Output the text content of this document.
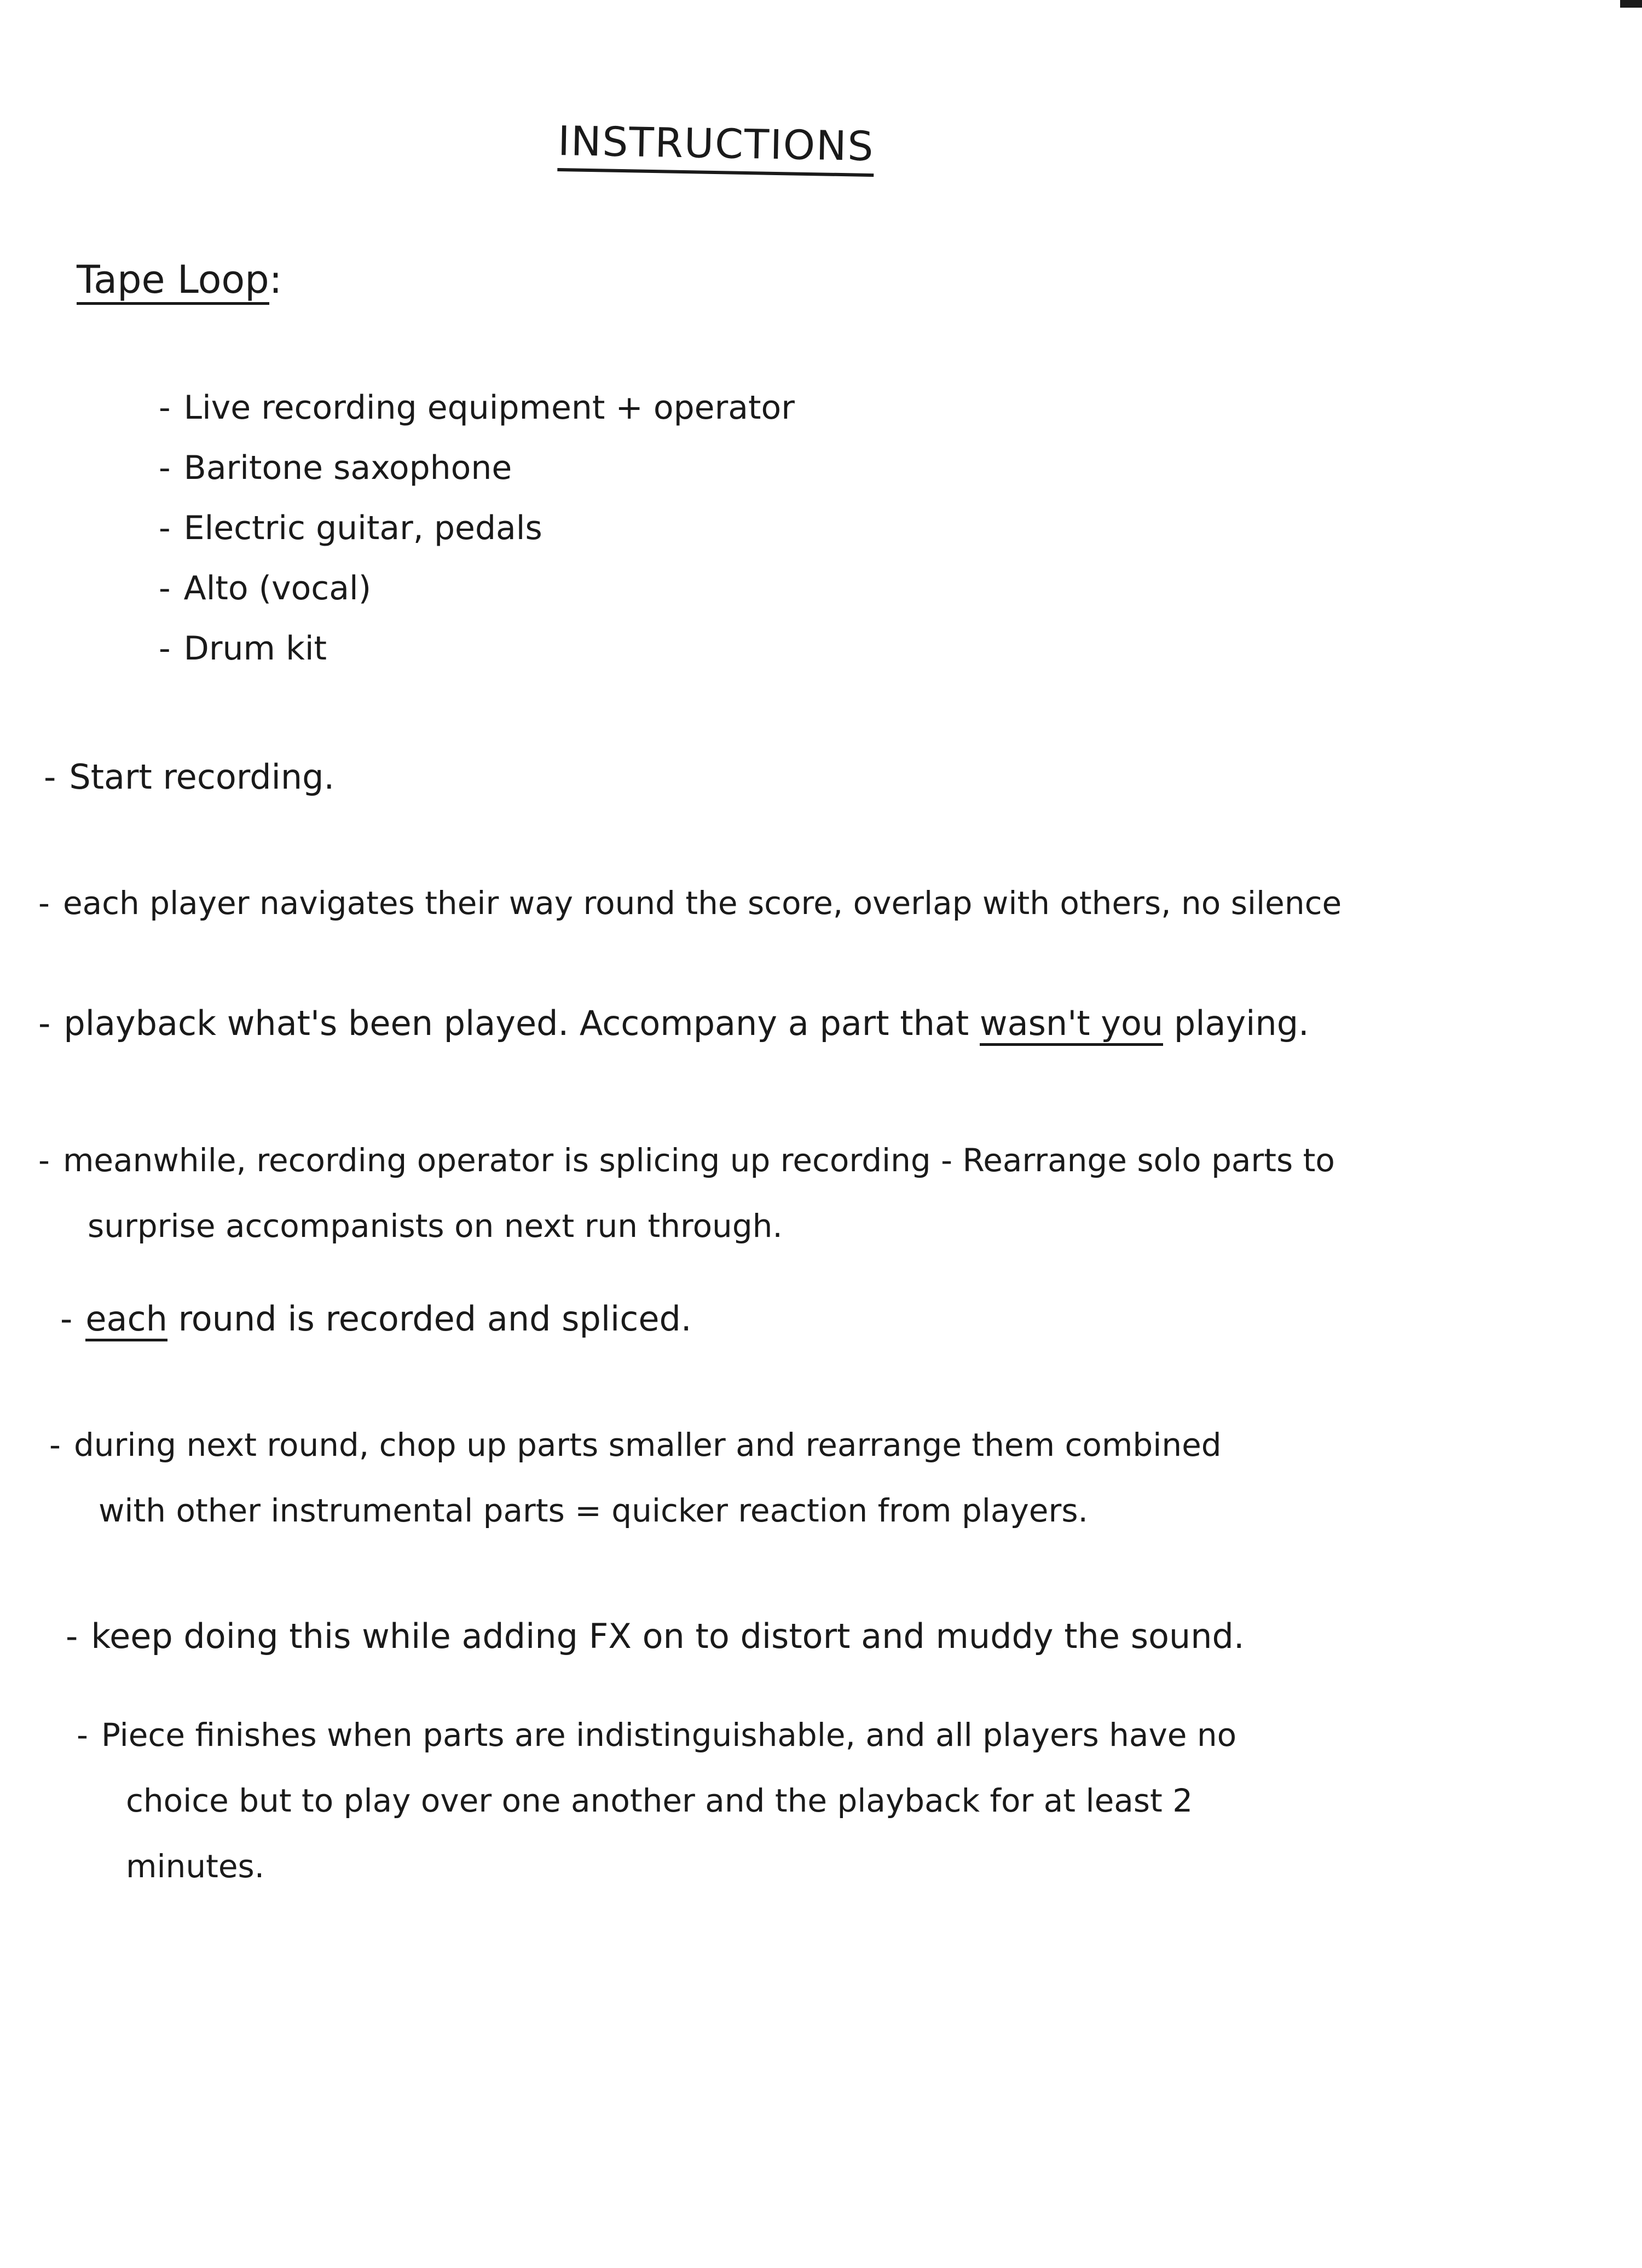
INSTRUCTIONS
Tape Loop:
- Live recording equipment + operator
- Baritone saxophone
- Electric guitar, pedals
- Alto (vocal)
- Drum kit
- Start recording.
- each player navigates their way round the score, overlap with others, no silence
- playback what's been played. Accompany a part that wasn't you playing.
- meanwhile, recording operator is splicing up recording - Rearrange solo parts to
surprise accompanists on next run through.
- each round is recorded and spliced.
- during next round, chop up parts smaller and rearrange them combined
with other instrumental parts = quicker reaction from players.
- keep doing this while adding FX on to distort and muddy the sound.
- Piece finishes when parts are indistinguishable, and all players have no
choice but to play over one another and the playback for at least 2
minutes.
